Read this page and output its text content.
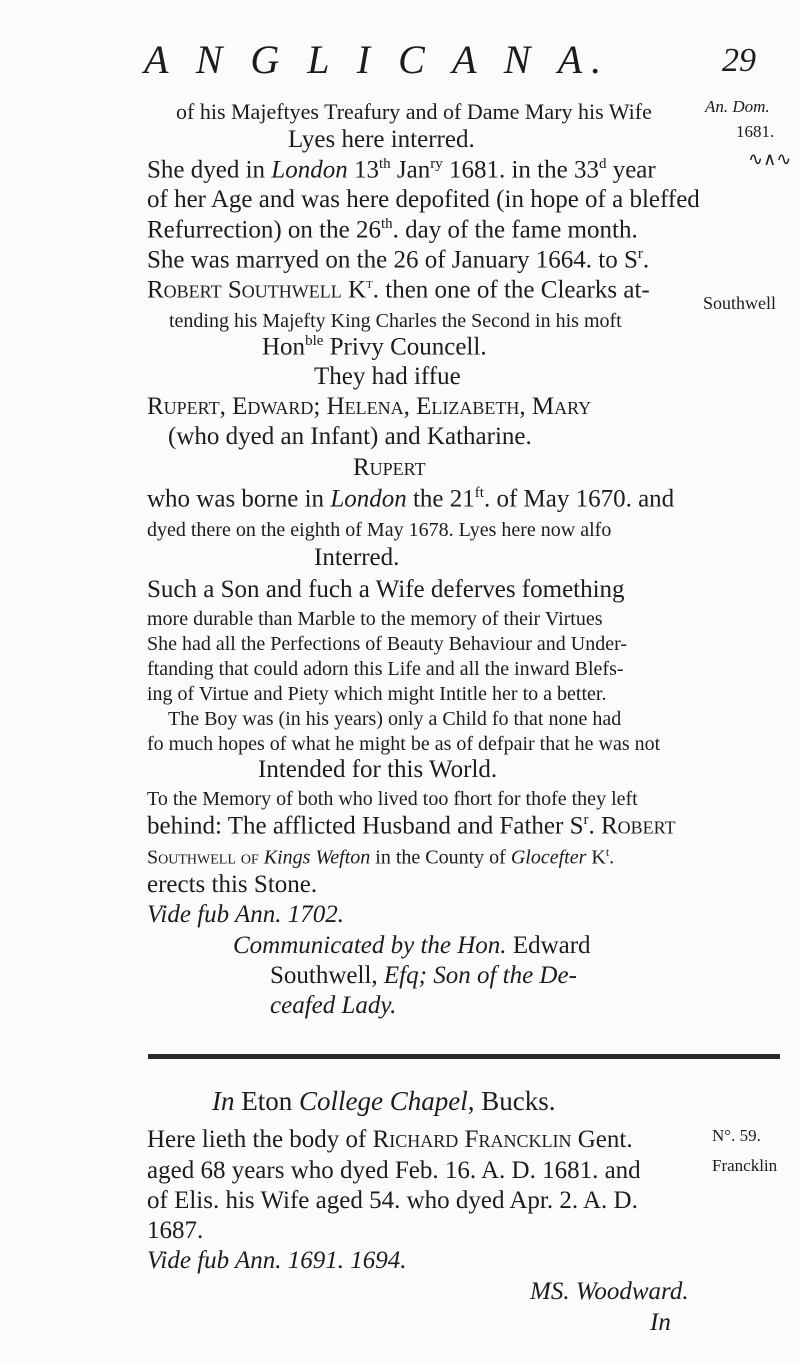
A N G L I C A N A.	29
An. Dom.
1681.
∿∧∿
Southwell
N°. 59.
Francklin
of his Majeftyes Treafury and of Dame Mary his Wife
Lyes here interred.
She dyed in London 13th Jan$^{ry}$ 1681. in the 33$^d$ year
of her Age and was here depofited (in hope of a bleffed
Refurrection) on the 26th. day of the fame month.
She was marryed on the 26 of January 1664. to $S^r$.
Robert Southwell $K^t$. then one of the Clearks at-
tending his Majefty King Charles the Second in his moft
Hon$^{ble}$ Privy Councell.
They had iffue
Rupert, Edward; Helena, Elizabeth, Mary
(who dyed an Infant) and Katharine.
Rupert
who was borne in London the $21^{ft}$. of May 1670. and
dyed there on the eighth of May 1678. Lyes here now alfo
Interred.
Such a Son and fuch a Wife deferves fomething
more durable than Marble to the memory of their Virtues
She had all the Perfections of Beauty Behaviour and Under-
ftanding that could adorn this Life and all the inward Blefs-
ing of Virtue and Piety which might Intitle her to a better.
The Boy was (in his years) only a Child fo that none had
fo much hopes of what he might be as of defpair that he was not
Intended for this World.
To the Memory of both who lived too fhort for thofe they left
behind: The afflicted Husband and Father $S^r$. Robert
Southwell of Kings Wefton in the County of Glocefter $K^t$.
erects this Stone.
Vide fub Ann. 1702.
Communicated by the Hon. Edward
Southwell, Efq; Son of the De-
ceafed Lady.
In Eton College Chapel, Bucks.
Here lieth the body of Richard Francklin Gent.
aged 68 years who dyed Feb. 16. A. D. 1681. and
of Elis. his Wife aged 54. who dyed Apr. 2. A. D.
1687.
Vide fub Ann. 1691. 1694.
MS. Woodward.
In
